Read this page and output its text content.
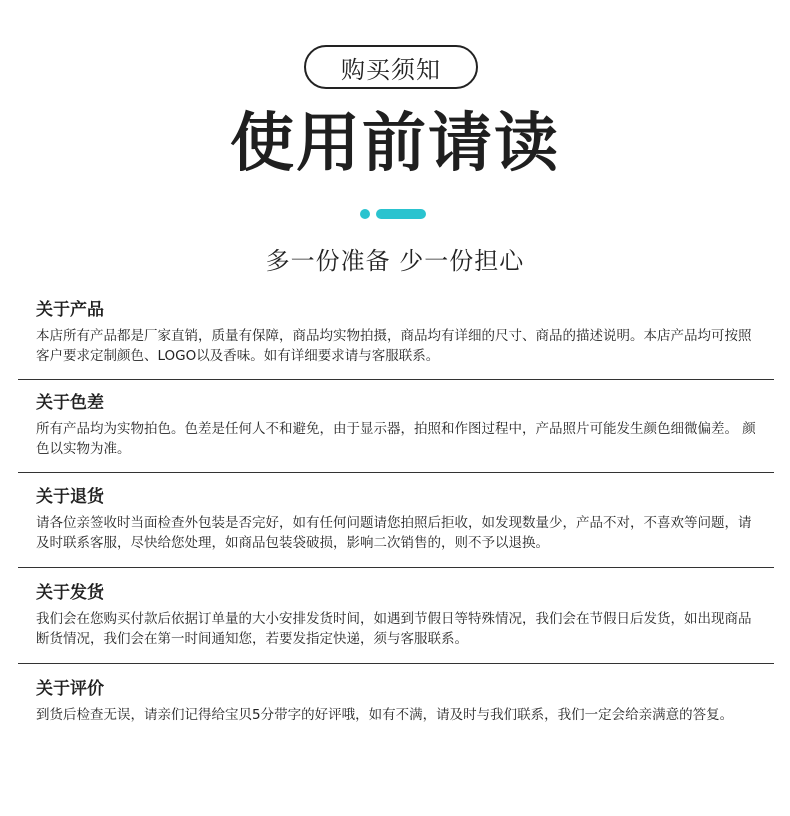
购买须知
使用前请读
多一份准备 少一份担心
关于产品

本店所有产品都是厂家直销，质量有保障，商品均实物拍摄，商品均有详细的尺寸、商品的描述说明。本店产品均可按照客户要求定制颜色、LOGO以及香味。如有详细要求请与客服联系。

关于色差

所有产品均为实物拍色。色差是任何人不和避免，由于显示器，拍照和作图过程中，产品照片可能发生颜色细微偏差。 颜色以实物为准。

关于退货

请各位亲签收时当面检查外包装是否完好，如有任何问题请您拍照后拒收，如发现数量少，产品不对，不喜欢等问题，请及时联系客服，尽快给您处理，如商品包装袋破损，影响二次销售的，则不予以退换。

关于发货

我们会在您购买付款后依据订单量的大小安排发货时间，如遇到节假日等特殊情况，我们会在节假日后发货，如出现商品断货情况，我们会在第一时间通知您，若要发指定快递，须与客服联系。

关于评价

到货后检查无误，请亲们记得给宝贝5分带字的好评哦，如有不满，请及时与我们联系，我们一定会给亲满意的答复。
